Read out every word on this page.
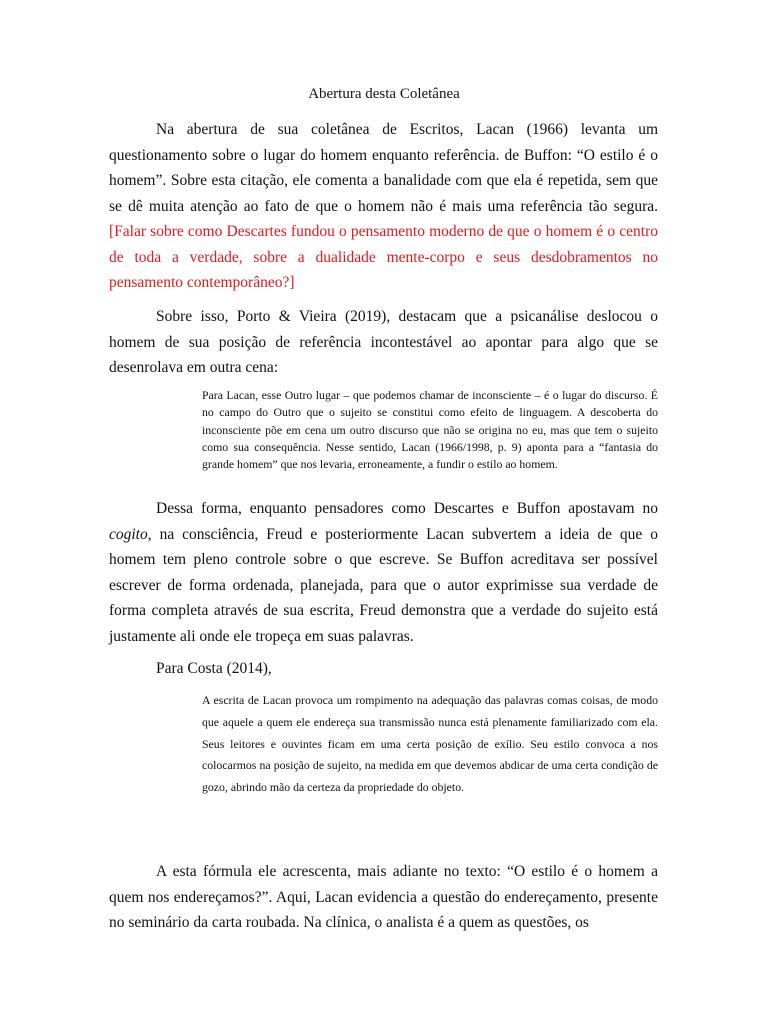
Abertura desta Coletânea

Na abertura de sua coletânea de Escritos, Lacan (1966) levanta um questionamento sobre o lugar do homem enquanto referência. de Buffon: “O estilo é o homem”. Sobre esta citação, ele comenta a banalidade com que ela é repetida, sem que se dê muita atenção ao fato de que o homem não é mais uma referência tão segura. [Falar sobre como Descartes fundou o pensamento moderno de que o homem é o centro de toda a verdade, sobre a dualidade mente-corpo e seus desdobramentos no pensamento contemporâneo?]

Sobre isso, Porto & Vieira (2019), destacam que a psicanálise deslocou o homem de sua posição de referência incontestável ao apontar para algo que se desenrolava em outra cena:

Para Lacan, esse Outro lugar – que podemos chamar de inconsciente – é o lugar do discurso. É no campo do Outro que o sujeito se constitui como efeito de linguagem. A descoberta do inconsciente põe em cena um outro discurso que não se origina no eu, mas que tem o sujeito como sua consequência. Nesse sentido, Lacan (1966/1998, p. 9) aponta para a “fantasia do grande homem” que nos levaria, erroneamente, a fundir o estilo ao homem.

Dessa forma, enquanto pensadores como Descartes e Buffon apostavam no cogito, na consciência, Freud e posteriormente Lacan subvertem a ideia de que o homem tem pleno controle sobre o que escreve. Se Buffon acreditava ser possível escrever de forma ordenada, planejada, para que o autor exprimisse sua verdade de forma completa através de sua escrita, Freud demonstra que a verdade do sujeito está justamente ali onde ele tropeça em suas palavras.

Para Costa (2014),

A escrita de Lacan provoca um rompimento na adequação das palavras comas coisas, de modo que aquele a quem ele endereça sua transmissão nunca está plenamente familiarizado com ela. Seus leitores e ouvintes ficam em uma certa posição de exílio. Seu estilo convoca a nos colocarmos na posição de sujeito, na medida em que devemos abdicar de uma certa condição de gozo, abrindo mão da certeza da propriedade do objeto.

A esta fórmula ele acrescenta, mais adiante no texto: “O estilo é o homem a quem nos endereçamos?”. Aqui, Lacan evidencia a questão do endereçamento, presente no seminário da carta roubada. Na clínica, o analista é a quem as questões, os
